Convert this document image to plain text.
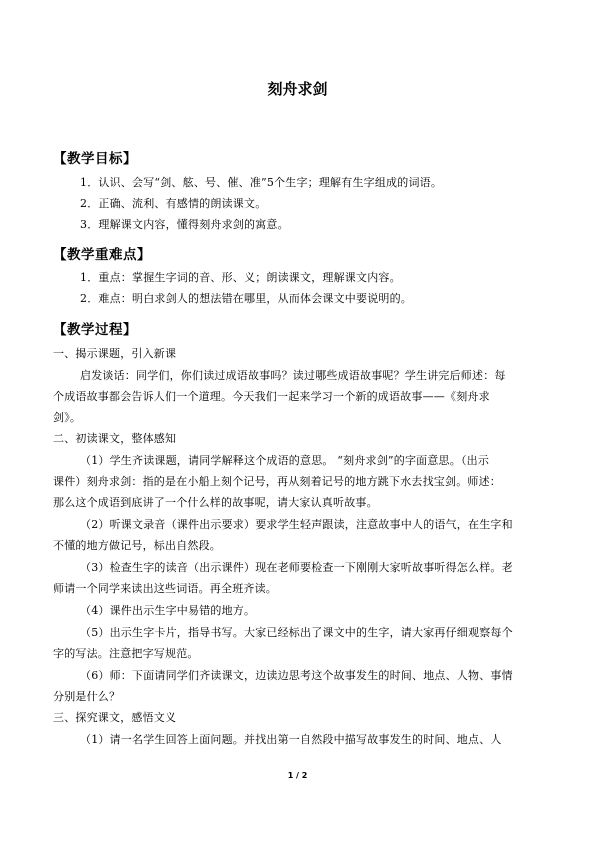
刻舟求剑
【教学目标】
1．认识、会写“剑、舷、号、催、准”5个生字；理解有生字组成的词语。
2．正确、流利、有感情的朗读课文。
3．理解课文内容，懂得刻舟求剑的寓意。
【教学重难点】
1．重点：掌握生字词的音、形、义；朗读课文，理解课文内容。
2．难点：明白求剑人的想法错在哪里，从而体会课文中要说明的。
【教学过程】
一、揭示课题，引入新课
启发谈话：同学们，你们读过成语故事吗？读过哪些成语故事呢？学生讲完后师述：每
个成语故事都会告诉人们一个道理。今天我们一起来学习一个新的成语故事——《刻舟求
剑》。
二、初读课文，整体感知
（1）学生齐读课题，请同学解释这个成语的意思。 “刻舟求剑”的字面意思。（出示
课件）刻舟求剑：指的是在小船上刻个记号，再从刻着记号的地方跳下水去找宝剑。师述：
那么这个成语到底讲了一个什么样的故事呢，请大家认真听故事。
（2）听课文录音（课件出示要求）要求学生轻声跟读，注意故事中人的语气，在生字和
不懂的地方做记号，标出自然段。
（3）检查生字的读音（出示课件）现在老师要检查一下刚刚大家听故事听得怎么样。老
师请一个同学来读出这些词语。再全班齐读。
（4）课件出示生字中易错的地方。
（5）出示生字卡片，指导书写。大家已经标出了课文中的生字，请大家再仔细观察每个
字的写法。注意把字写规范。
（6）师：下面请同学们齐读课文，边读边思考这个故事发生的时间、地点、人物、事情
分别是什么？
三、探究课文，感悟文义
（1）请一名学生回答上面问题。并找出第一自然段中描写故事发生的时间、地点、人
1 / 2
